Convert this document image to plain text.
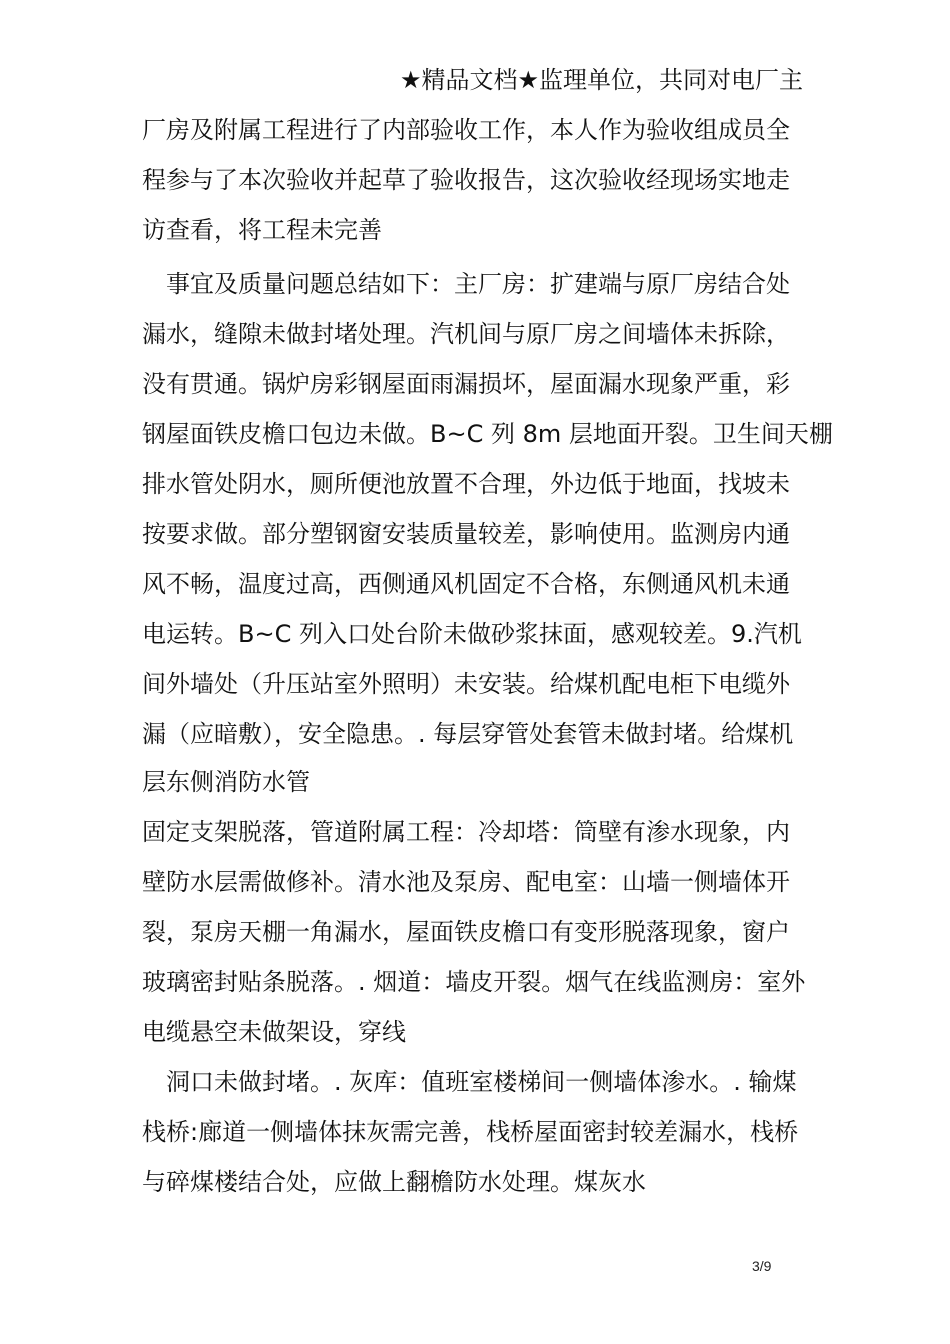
★精品文档★监理单位，共同对电厂主
厂房及附属工程进行了内部验收工作，本人作为验收组成员全
程参与了本次验收并起草了验收报告，这次验收经现场实地走
访查看，将工程未完善
事宜及质量问题总结如下：主厂房：扩建端与原厂房结合处
漏水，缝隙未做封堵处理。汽机间与原厂房之间墙体未拆除，
没有贯通。锅炉房彩钢屋面雨漏损坏，屋面漏水现象严重，彩
钢屋面铁皮檐口包边未做。B~C 列 8m 层地面开裂。卫生间天棚
排水管处阴水，厕所便池放置不合理，外边低于地面，找坡未
按要求做。部分塑钢窗安装质量较差，影响使用。监测房内通
风不畅，温度过高，西侧通风机固定不合格，东侧通风机未通
电运转。B~C 列入口处台阶未做砂浆抹面，感观较差。9.汽机
间外墙处（升压站室外照明）未安装。给煤机配电柜下电缆外
漏（应暗敷），安全隐患。. 每层穿管处套管未做封堵。给煤机
层东侧消防水管
固定支架脱落，管道附属工程：冷却塔：筒壁有渗水现象，内
壁防水层需做修补。清水池及泵房、配电室：山墙一侧墙体开
裂，泵房天棚一角漏水，屋面铁皮檐口有变形脱落现象，窗户
玻璃密封贴条脱落。. 烟道：墙皮开裂。烟气在线监测房：室外
电缆悬空未做架设，穿线
洞口未做封堵。. 灰库：值班室楼梯间一侧墙体渗水。. 输煤
栈桥:廊道一侧墙体抹灰需完善，栈桥屋面密封较差漏水，栈桥
与碎煤楼结合处，应做上翻檐防水处理。煤灰水
3/9
